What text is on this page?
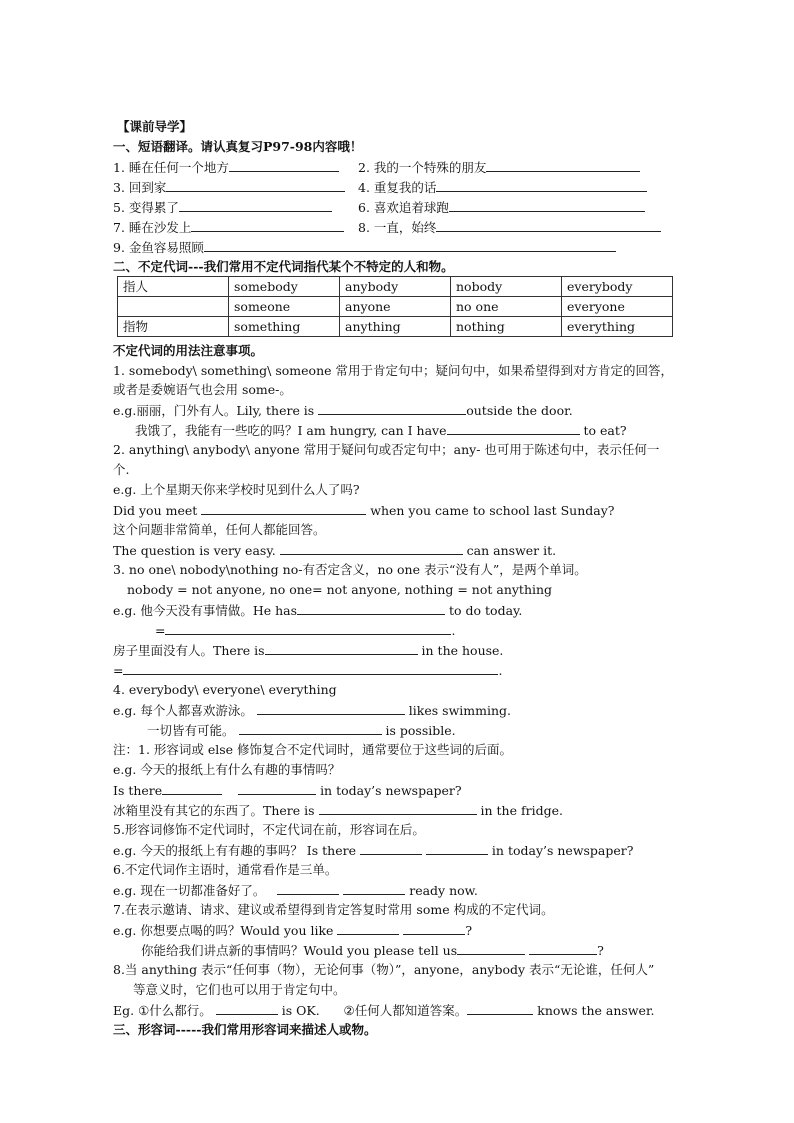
【课前导学】
一、短语翻译。请认真复习P97-98内容哦！
1. 睡在任何一个地方	2. 我的一个特殊的朋友
3. 回到家	4. 重复我的话
5. 变得累了	6. 喜欢追着球跑
7. 睡在沙发上	8. 一直，始终
9. 金鱼容易照顾
二、不定代词---我们常用不定代词指代某个不特定的人和物。
指人	somebody	anybody	nobody	everybody
	someone	anyone	no one	everyone
指物	something	anything	nothing	everything
不定代词的用法注意事项。
1. somebody\ something\ someone 常用于肯定句中；疑问句中，如果希望得到对方肯定的回答，
或者是委婉语气也会用 some-。
e.g.丽丽，门外有人。Lily, there is	outside the door.
我饿了，我能有一些吃的吗？I am hungry, can I have	to eat?
2. anything\ anybody\ anyone 常用于疑问句或否定句中；any- 也可用于陈述句中，表示任何一
个.
e.g. 上个星期天你来学校时见到什么人了吗?
Did you meet	when you came to school last Sunday?
这个问题非常简单，任何人都能回答。
The question is very easy.	can answer it.
3. no one\ nobody\nothing no-有否定含义，no one 表示“没有人”，是两个单词。
nobody = not anyone, no one= not anyone, nothing = not anything
e.g. 他今天没有事情做。He has	to do today.
=	.
房子里面没有人。There is	in the house.
=	.
4. everybody\ everyone\ everything
e.g. 每个人都喜欢游泳。	likes swimming.
一切皆有可能。	is possible.
注：1. 形容词或 else 修饰复合不定代词时，通常要位于这些词的后面。
e.g. 今天的报纸上有什么有趣的事情吗？
Is there	in today’s newspaper?
冰箱里没有其它的东西了。There is	in the fridge.
5.形容词修饰不定代词时，不定代词在前，形容词在后。
e.g. 今天的报纸上有有趣的事吗？ Is there	in today’s newspaper?
6.不定代词作主语时，通常看作是三单。
e.g. 现在一切都准备好了。	ready now.
7.在表示邀请、请求、建议或希望得到肯定答复时常用 some 构成的不定代词。
e.g. 你想要点喝的吗？Would you like	?
你能给我们讲点新的事情吗？Would you please tell us	?
8.当 anything 表示“任何事（物），无论何事（物）”，anyone，anybody 表示“无论谁，任何人”
等意义时，它们也可以用于肯定句中。
Eg. ①什么都行。	is OK. ②任何人都知道答案。	knows the answer.
三、形容词-----我们常用形容词来描述人或物。
